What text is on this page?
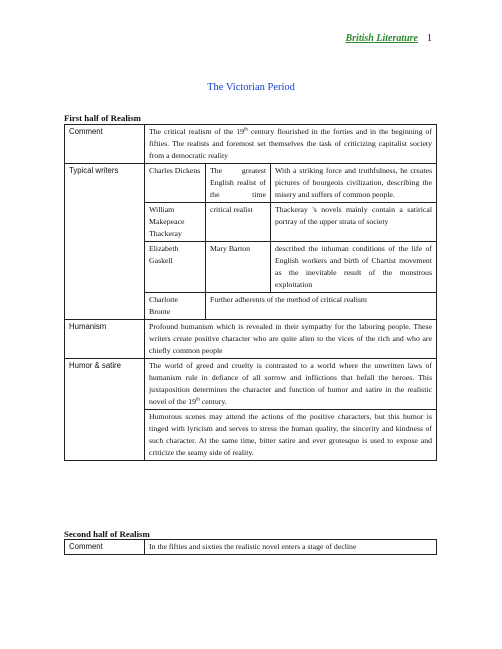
British Literature 1
The Victorian Period
First half of Realism
Comment	The critical realism of the 19th century flourished in the forties and in the beginning of fifties. The realists and foremost set themselves the task of criticizing capitalist society from a democratic reality		
Typical writers	Charles Dickens	The greatest English realist of the time	With a striking force and truthfulness, he creates pictures of bourgeois civilization, describing the misery and suffers of common people.
	William Makepeace Thackeray	critical realist	Thackeray 's novels mainly contain a satirical portray of the upper strata of society
	Elizabeth Gaskell	Mary Barton	described the inhuman conditions of the life of English workers and birth of Chartist movement as the inevitable result of the monstrous exploitation
	Charlotte Bronte	Further adherents of the method of critical realism	
Humanism	Profound humanism which is revealed in their sympathy for the laboring people. These writers create positive character who are quite alien to the vices of the rich and who are chiefly common people		
Humor & satire	The world of greed and cruelty is contrasted to a world where the unwritten laws of humanism rule in defiance of all sorrow and inflictions that befall the heroes. This juxtaposition determines the character and function of humor and satire in the realistic novel of the 19th century.		
	Humorous scenes may attend the actions of the positive characters, but this humor is tinged with lyricism and serves to stress the human quality, the sincerity and kindness of such character. At the same time, bitter satire and ever grotesque is used to expose and criticize the seamy side of reality.		
Second half of Realism
Comment	In the fifties and sixties the realistic novel enters a stage of decline
